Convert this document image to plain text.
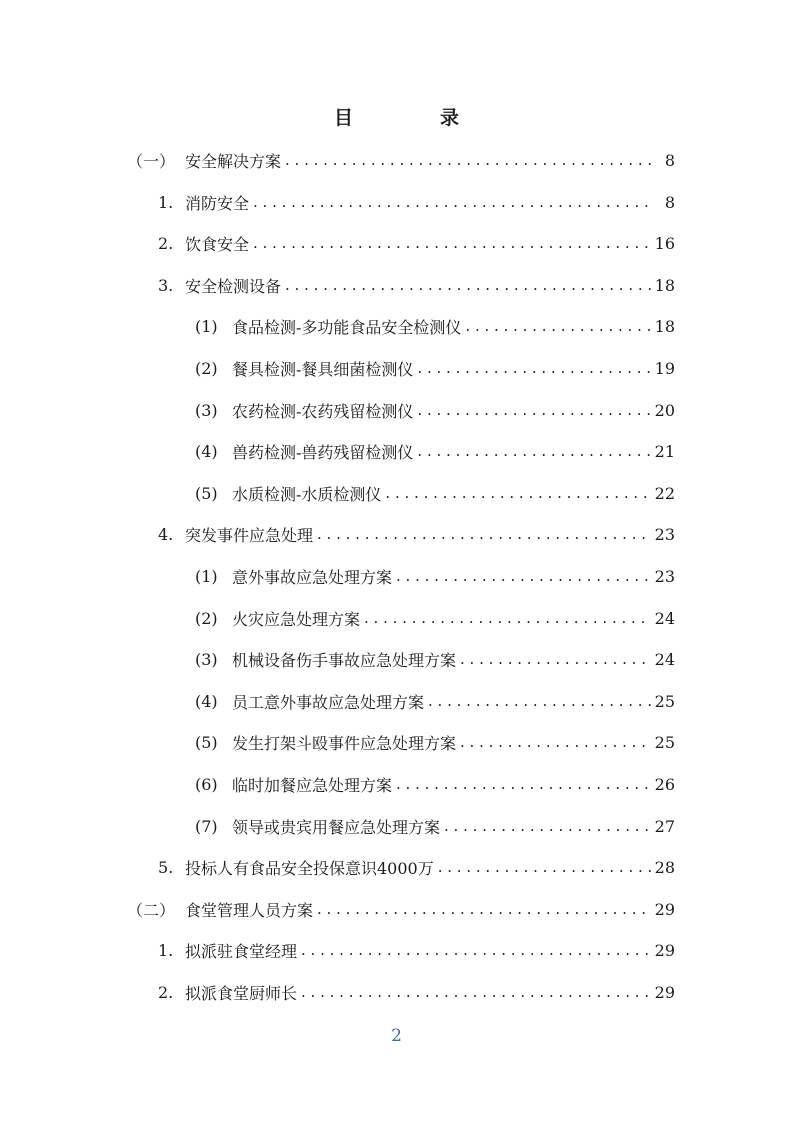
目　录
（一） 安全解决方案 . . .	8
1. 消防安全 . . .	8
2. 饮食安全 . . .	16
3. 安全检测设备 . . .	18
(1) 食品检测-多功能食品安全检测仪 . . .	18
(2) 餐具检测-餐具细菌检测仪 . . .	19
(3) 农药检测-农药残留检测仪 . . .	20
(4) 兽药检测-兽药残留检测仪 . . .	21
(5) 水质检测-水质检测仪 . . .	22
4. 突发事件应急处理 . . .	23
(1) 意外事故应急处理方案 . . .	23
(2) 火灾应急处理方案 . . .	24
(3) 机械设备伤手事故应急处理方案 . . .	24
(4) 员工意外事故应急处理方案 . . .	25
(5) 发生打架斗殴事件应急处理方案 . . .	25
(6) 临时加餐应急处理方案 . . .	26
(7) 领导或贵宾用餐应急处理方案 . . .	27
5. 投标人有食品安全投保意识4000万 . . .	28
（二） 食堂管理人员方案 . . .	29
1. 拟派驻食堂经理 . . .	29
2. 拟派食堂厨师长 . . .	29
2
